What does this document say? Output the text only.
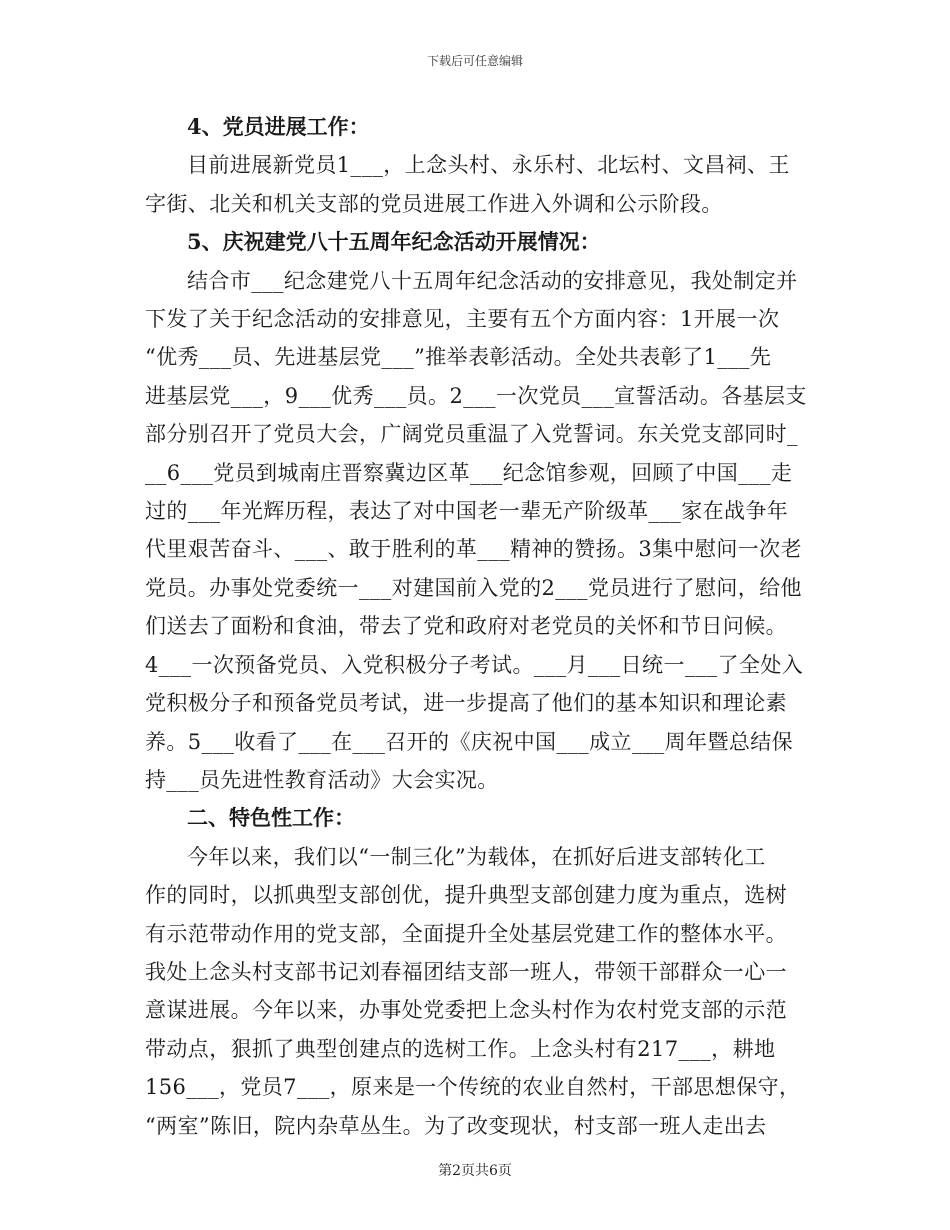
下载后可任意编辑

4、党员进展工作：

目前进展新党员1___，上念头村、永乐村、北坛村、文昌祠、王
字街、北关和机关支部的党员进展工作进入外调和公示阶段。

5、庆祝建党八十五周年纪念活动开展情况：

结合市___纪念建党八十五周年纪念活动的安排意见，我处制定并
下发了关于纪念活动的安排意见，主要有五个方面内容：1开展一次
“优秀___员、先进基层党___”推举表彰活动。全处共表彰了1___先
进基层党___，9___优秀___员。2___一次党员___宣誓活动。各基层支
部分别召开了党员大会，广阔党员重温了入党誓词。东关党支部同时_
__6___党员到城南庄晋察冀边区革___纪念馆参观，回顾了中国___走
过的___年光辉历程，表达了对中国老一辈无产阶级革___家在战争年
代里艰苦奋斗、___、敢于胜利的革___精神的赞扬。3集中慰问一次老
党员。办事处党委统一___对建国前入党的2___党员进行了慰问，给他
们送去了面粉和食油，带去了党和政府对老党员的关怀和节日问候。
4___一次预备党员、入党积极分子考试。___月___日统一___了全处入
党积极分子和预备党员考试，进一步提高了他们的基本知识和理论素
养。5___收看了___在___召开的《庆祝中国___成立___周年暨总结保
持___员先进性教育活动》大会实况。

二、特色性工作：

今年以来，我们以“一制三化”为载体，在抓好后进支部转化工
作的同时，以抓典型支部创优，提升典型支部创建力度为重点，选树
有示范带动作用的党支部，全面提升全处基层党建工作的整体水平。
我处上念头村支部书记刘春福团结支部一班人，带领干部群众一心一
意谋进展。今年以来，办事处党委把上念头村作为农村党支部的示范
带动点，狠抓了典型创建点的选树工作。上念头村有217___，耕地
156___，党员7___，原来是一个传统的农业自然村，干部思想保守，
“两室”陈旧，院内杂草丛生。为了改变现状，村支部一班人走出去
第2页共6页
